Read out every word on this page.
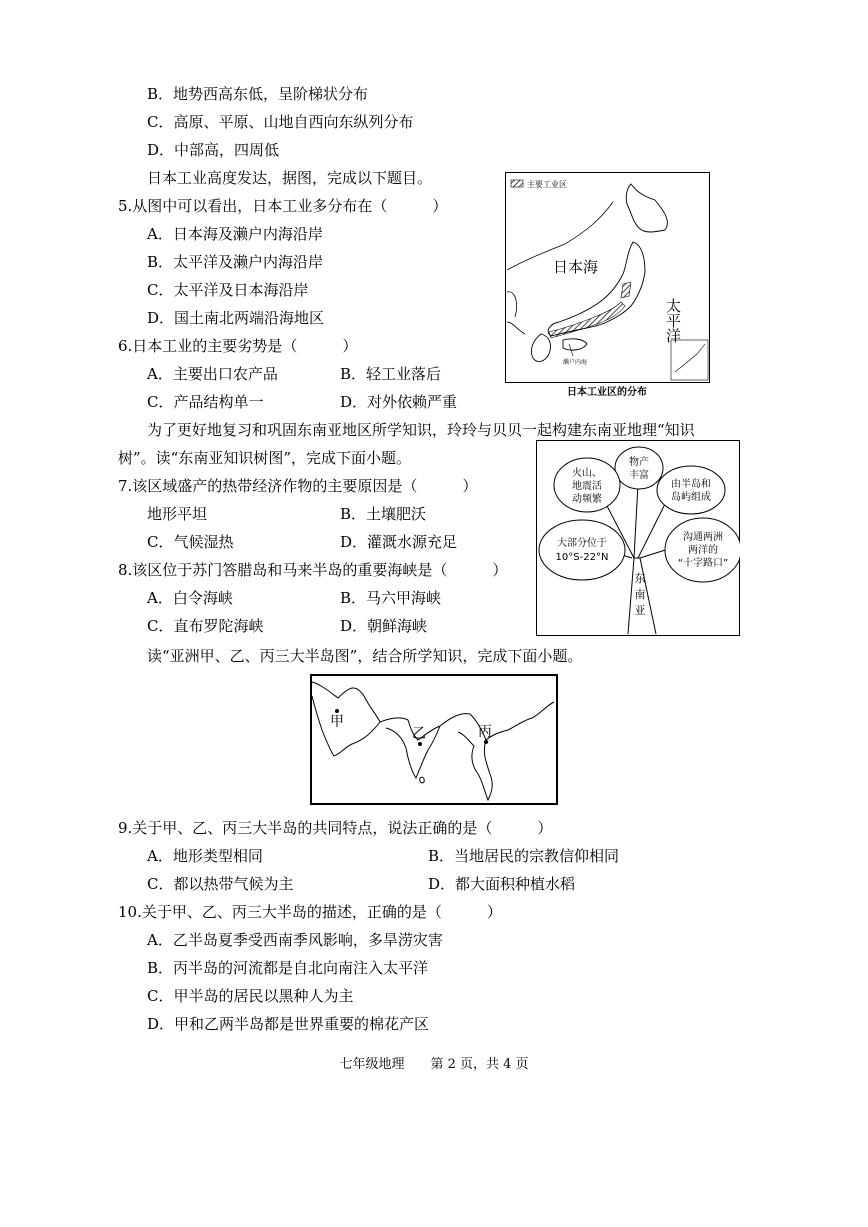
B．地势西高东低，呈阶梯状分布
C．高原、平原、山地自西向东纵列分布
D．中部高，四周低
日本工业高度发达，据图，完成以下题目。
5.从图中可以看出，日本工业多分布在（　　　）
A．日本海及濑户内海沿岸
B．太平洋及濑户内海沿岸
C．太平洋及日本海沿岸
D．国土南北两端沿海地区
6.日本工业的主要劣势是（　　　）
A．主要出口农产品	B．轻工业落后
C．产品结构单一	D．对外依赖严重
主要工业区
濑户内海
日本海
太平洋
日本工业区的分布
为了更好地复习和巩固东南亚地区所学知识，玲玲与贝贝一起构建东南亚地理“知识
树”。读“东南亚知识树图”，完成下面小题。
7.该区域盛产的热带经济作物的主要原因是（　　　）
地形平坦	B．土壤肥沃
C．气候湿热	D．灌溉水源充足
8.该区位于苏门答腊岛和马来半岛的重要海峡是（　　　）
A．白令海峡	B．马六甲海峡
C．直布罗陀海峡	D．朝鲜海峡
物产
丰富
火山、
地震活
动频繁
由半岛和
岛屿组成
大部分位于
10°S-22°N
沟通两洲
两洋的
“十字路口”
东
南
亚
读“亚洲甲、乙、丙三大半岛图”，结合所学知识，完成下面小题。
甲
乙	丙
9.关于甲、乙、丙三大半岛的共同特点，说法正确的是（　　　）
A．地形类型相同	B．当地居民的宗教信仰相同
C．都以热带气候为主	D．都大面积种植水稻
10.关于甲、乙、丙三大半岛的描述，正确的是（　　　）
A．乙半岛夏季受西南季风影响，多旱涝灾害
B．丙半岛的河流都是自北向南注入太平洋
C．甲半岛的居民以黑种人为主
D．甲和乙两半岛都是世界重要的棉花产区
七年级地理　　第 2 页，共 4 页
